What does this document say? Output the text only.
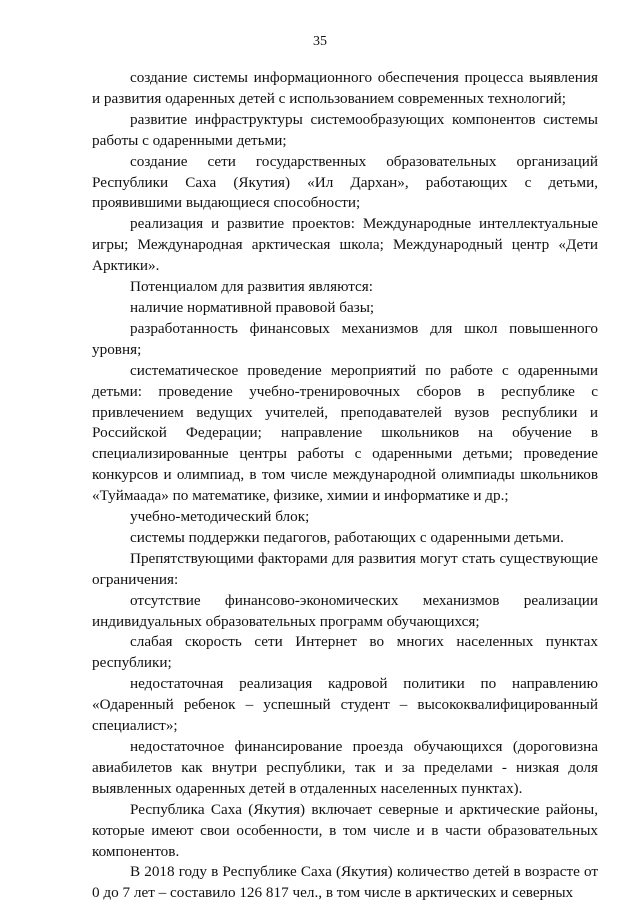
35

создание системы информационного обеспечения процесса выявления и развития одаренных детей с использованием современных технологий;

развитие инфраструктуры системообразующих компонентов системы работы с одаренными детьми;

создание сети государственных образовательных организаций Республики Саха (Якутия) «Ил Дархан», работающих с детьми, проявившими выдающиеся способности;

реализация и развитие проектов: Международные интеллектуальные игры; Международная арктическая школа; Международный центр «Дети Арктики».

Потенциалом для развития являются:

наличие нормативной правовой базы;

разработанность финансовых механизмов для школ повышенного уровня;

систематическое проведение мероприятий по работе с одаренными детьми: проведение учебно-тренировочных сборов в республике с привлечением ведущих учителей, преподавателей вузов республики и Российской Федерации; направление школьников на обучение в специализированные центры работы с одаренными детьми; проведение конкурсов и олимпиад, в том числе международной олимпиады школьников «Туймаада» по математике, физике, химии и информатике и др.;

учебно-методический блок;

системы поддержки педагогов, работающих с одаренными детьми.

Препятствующими факторами для развития могут стать существующие ограничения:

отсутствие финансово-экономических механизмов реализации индивидуальных образовательных программ обучающихся;

слабая скорость сети Интернет во многих населенных пунктах республики;

недостаточная реализация кадровой политики по направлению «Одаренный ребенок – успешный студент – высококвалифицированный специалист»;

недостаточное финансирование проезда обучающихся (дороговизна авиабилетов как внутри республики, так и за пределами - низкая доля выявленных одаренных детей в отдаленных населенных пунктах).

Республика Саха (Якутия) включает северные и арктические районы, которые имеют свои особенности, в том числе и в части образовательных компонентов.

В 2018 году в Республике Саха (Якутия) количество детей в возрасте от 0 до 7 лет – составило 126 817 чел., в том числе в арктических и северных
